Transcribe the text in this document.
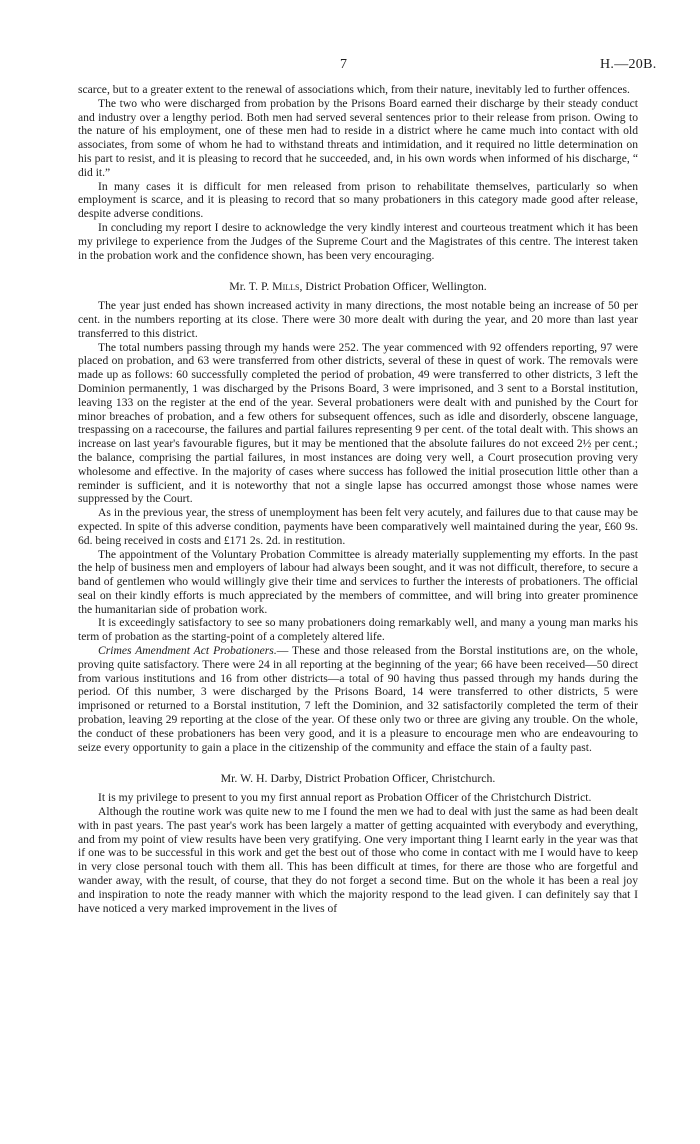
7	H.—20B.

scarce, but to a greater extent to the renewal of associations which, from their nature, inevitably led to further offences.

The two who were discharged from probation by the Prisons Board earned their discharge by their steady conduct and industry over a lengthy period. Both men had served several sentences prior to their release from prison. Owing to the nature of his employment, one of these men had to reside in a district where he came much into contact with old associates, from some of whom he had to withstand threats and intimidation, and it required no little determination on his part to resist, and it is pleasing to record that he succeeded, and, in his own words when informed of his discharge, “ did it.”

In many cases it is difficult for men released from prison to rehabilitate themselves, particularly so when employment is scarce, and it is pleasing to record that so many probationers in this category made good after release, despite adverse conditions.

In concluding my report I desire to acknowledge the very kindly interest and courteous treatment which it has been my privilege to experience from the Judges of the Supreme Court and the Magistrates of this centre. The interest taken in the probation work and the confidence shown, has been very encouraging.

Mr. T. P. Mills, District Probation Officer, Wellington.

The year just ended has shown increased activity in many directions, the most notable being an increase of 50 per cent. in the numbers reporting at its close. There were 30 more dealt with during the year, and 20 more than last year transferred to this district.

The total numbers passing through my hands were 252. The year commenced with 92 offenders reporting, 97 were placed on probation, and 63 were transferred from other districts, several of these in quest of work. The removals were made up as follows: 60 successfully completed the period of probation, 49 were transferred to other districts, 3 left the Dominion permanently, 1 was discharged by the Prisons Board, 3 were imprisoned, and 3 sent to a Borstal institution, leaving 133 on the register at the end of the year. Several probationers were dealt with and punished by the Court for minor breaches of probation, and a few others for subsequent offences, such as idle and disorderly, obscene language, trespassing on a racecourse, the failures and partial failures representing 9 per cent. of the total dealt with. This shows an increase on last year's favourable figures, but it may be mentioned that the absolute failures do not exceed 2½ per cent.; the balance, comprising the partial failures, in most instances are doing very well, a Court prosecution proving very wholesome and effective. In the majority of cases where success has followed the initial prosecution little other than a reminder is sufficient, and it is noteworthy that not a single lapse has occurred amongst those whose names were suppressed by the Court.

As in the previous year, the stress of unemployment has been felt very acutely, and failures due to that cause may be expected. In spite of this adverse condition, payments have been comparatively well maintained during the year, £60 9s. 6d. being received in costs and £171 2s. 2d. in restitution.

The appointment of the Voluntary Probation Committee is already materially supplementing my efforts. In the past the help of business men and employers of labour had always been sought, and it was not difficult, therefore, to secure a band of gentlemen who would willingly give their time and services to further the interests of probationers. The official seal on their kindly efforts is much appreciated by the members of committee, and will bring into greater prominence the humanitarian side of probation work.

It is exceedingly satisfactory to see so many probationers doing remarkably well, and many a young man marks his term of probation as the starting-point of a completely altered life.

Crimes Amendment Act Probationers.— These and those released from the Borstal institutions are, on the whole, proving quite satisfactory. There were 24 in all reporting at the beginning of the year; 66 have been received—50 direct from various institutions and 16 from other districts—a total of 90 having thus passed through my hands during the period. Of this number, 3 were discharged by the Prisons Board, 14 were transferred to other districts, 5 were imprisoned or returned to a Borstal institution, 7 left the Dominion, and 32 satisfactorily completed the term of their probation, leaving 29 reporting at the close of the year. Of these only two or three are giving any trouble. On the whole, the conduct of these probationers has been very good, and it is a pleasure to encourage men who are endeavouring to seize every opportunity to gain a place in the citizenship of the community and efface the stain of a faulty past.

Mr. W. H. Darby, District Probation Officer, Christchurch.

It is my privilege to present to you my first annual report as Probation Officer of the Christchurch District.

Although the routine work was quite new to me I found the men we had to deal with just the same as had been dealt with in past years. The past year's work has been largely a matter of getting acquainted with everybody and everything, and from my point of view results have been very gratifying. One very important thing I learnt early in the year was that if one was to be successful in this work and get the best out of those who come in contact with me I would have to keep in very close personal touch with them all. This has been difficult at times, for there are those who are forgetful and wander away, with the result, of course, that they do not forget a second time. But on the whole it has been a real joy and inspiration to note the ready manner with which the majority respond to the lead given. I can definitely say that I have noticed a very marked improvement in the lives of
